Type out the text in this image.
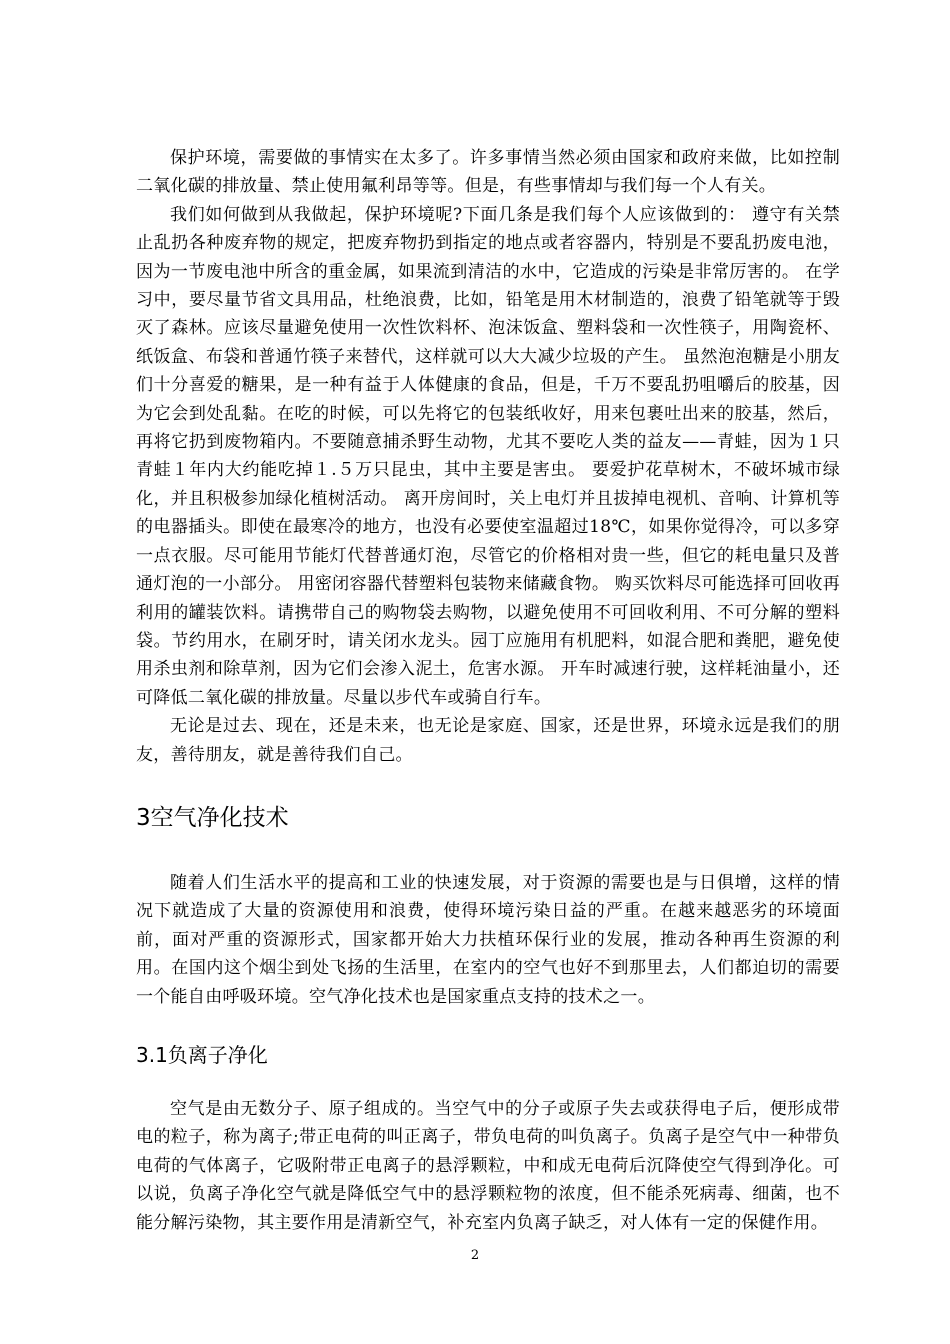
保护环境，需要做的事情实在太多了。许多事情当然必须由国家和政府来做，比如控制二氧化碳的排放量、禁止使用氟利昂等等。但是，有些事情却与我们每一个人有关。

我们如何做到从我做起，保护环境呢?下面几条是我们每个人应该做到的： 遵守有关禁止乱扔各种废弃物的规定，把废弃物扔到指定的地点或者容器内，特别是不要乱扔废电池，因为一节废电池中所含的重金属，如果流到清洁的水中，它造成的污染是非常厉害的。 在学习中，要尽量节省文具用品，杜绝浪费，比如，铅笔是用木材制造的，浪费了铅笔就等于毁灭了森林。应该尽量避免使用一次性饮料杯、泡沫饭盒、塑料袋和一次性筷子，用陶瓷杯、纸饭盒、布袋和普通竹筷子来替代，这样就可以大大减少垃圾的产生。 虽然泡泡糖是小朋友们十分喜爱的糖果，是一种有益于人体健康的食品，但是，千万不要乱扔咀嚼后的胶基，因为它会到处乱黏。在吃的时候，可以先将它的包装纸收好，用来包裹吐出来的胶基，然后，再将它扔到废物箱内。不要随意捕杀野生动物，尤其不要吃人类的益友——青蛙，因为１只青蛙１年内大约能吃掉１.５万只昆虫，其中主要是害虫。 要爱护花草树木，不破坏城市绿化，并且积极参加绿化植树活动。 离开房间时，关上电灯并且拔掉电视机、音响、计算机等的电器插头。即使在最寒冷的地方，也没有必要使室温超过18℃，如果你觉得冷，可以多穿一点衣服。尽可能用节能灯代替普通灯泡，尽管它的价格相对贵一些，但它的耗电量只及普通灯泡的一小部分。 用密闭容器代替塑料包装物来储藏食物。 购买饮料尽可能选择可回收再利用的罐装饮料。请携带自己的购物袋去购物，以避免使用不可回收利用、不可分解的塑料袋。节约用水，在刷牙时，请关闭水龙头。园丁应施用有机肥料，如混合肥和粪肥，避免使用杀虫剂和除草剂，因为它们会渗入泥土，危害水源。 开车时减速行驶，这样耗油量小，还可降低二氧化碳的排放量。尽量以步代车或骑自行车。

无论是过去、现在，还是未来，也无论是家庭、国家，还是世界，环境永远是我们的朋友，善待朋友，就是善待我们自己。

3空气净化技术

随着人们生活水平的提高和工业的快速发展，对于资源的需要也是与日俱增，这样的情况下就造成了大量的资源使用和浪费，使得环境污染日益的严重。在越来越恶劣的环境面前，面对严重的资源形式，国家都开始大力扶植环保行业的发展，推动各种再生资源的利用。在国内这个烟尘到处飞扬的生活里，在室内的空气也好不到那里去，人们都迫切的需要一个能自由呼吸环境。空气净化技术也是国家重点支持的技术之一。

3.1负离子净化

空气是由无数分子、原子组成的。当空气中的分子或原子失去或获得电子后，便形成带电的粒子，称为离子;带正电荷的叫正离子，带负电荷的叫负离子。负离子是空气中一种带负电荷的气体离子，它吸附带正电离子的悬浮颗粒，中和成无电荷后沉降使空气得到净化。可以说，负离子净化空气就是降低空气中的悬浮颗粒物的浓度，但不能杀死病毒、细菌，也不能分解污染物，其主要作用是清新空气，补充室内负离子缺乏，对人体有一定的保健作用。

2
